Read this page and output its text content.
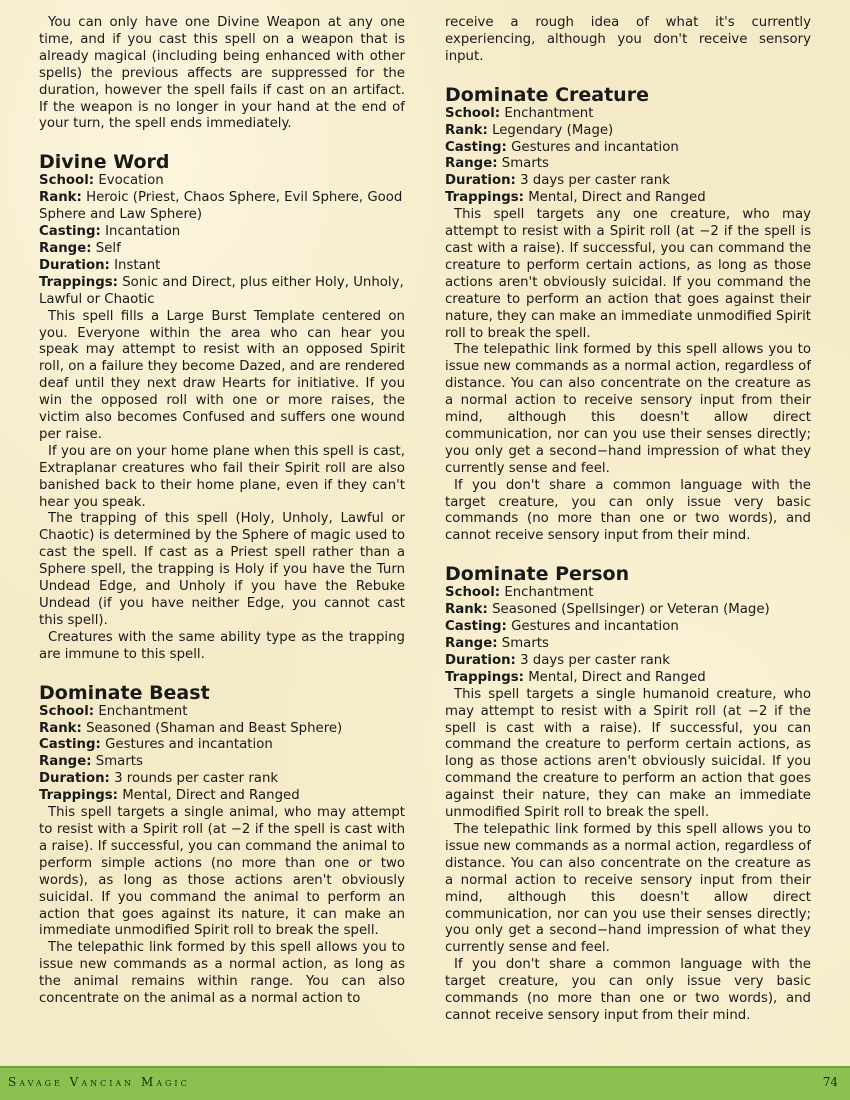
You can only have one Divine Weapon at any one time, and if you cast this spell on a weapon that is already magical (including being enhanced with other spells) the previous affects are suppressed for the duration, however the spell fails if cast on an artifact. If the weapon is no longer in your hand at the end of your turn, the spell ends immediately.

Divine Word
School: Evocation
Rank: Heroic (Priest, Chaos Sphere, Evil Sphere, Good Sphere and Law Sphere)
Casting: Incantation
Range: Self
Duration: Instant
Trappings: Sonic and Direct, plus either Holy, Unholy, Lawful or Chaotic

This spell fills a Large Burst Template centered on you. Everyone within the area who can hear you speak may attempt to resist with an opposed Spirit roll, on a failure they become Dazed, and are rendered deaf until they next draw Hearts for initiative. If you win the opposed roll with one or more raises, the victim also becomes Confused and suffers one wound per raise.

If you are on your home plane when this spell is cast, Extraplanar creatures who fail their Spirit roll are also banished back to their home plane, even if they can't hear you speak.

The trapping of this spell (Holy, Unholy, Lawful or Chaotic) is determined by the Sphere of magic used to cast the spell. If cast as a Priest spell rather than a Sphere spell, the trapping is Holy if you have the Turn Undead Edge, and Unholy if you have the Rebuke Undead (if you have neither Edge, you cannot cast this spell).

Creatures with the same ability type as the trapping are immune to this spell.

Dominate Beast
School: Enchantment
Rank: Seasoned (Shaman and Beast Sphere)
Casting: Gestures and incantation
Range: Smarts
Duration: 3 rounds per caster rank
Trappings: Mental, Direct and Ranged

This spell targets a single animal, who may attempt to resist with a Spirit roll (at −2 if the spell is cast with a raise). If successful, you can command the animal to perform simple actions (no more than one or two words), as long as those actions aren't obviously suicidal. If you command the animal to perform an action that goes against its nature, it can make an immediate unmodified Spirit roll to break the spell.

The telepathic link formed by this spell allows you to issue new commands as a normal action, as long as the animal remains within range. You can also concentrate on the animal as a normal action to

receive a rough idea of what it's currently experiencing, although you don't receive sensory input.

Dominate Creature
School: Enchantment
Rank: Legendary (Mage)
Casting: Gestures and incantation
Range: Smarts
Duration: 3 days per caster rank
Trappings: Mental, Direct and Ranged

This spell targets any one creature, who may attempt to resist with a Spirit roll (at −2 if the spell is cast with a raise). If successful, you can command the creature to perform certain actions, as long as those actions aren't obviously suicidal. If you command the creature to perform an action that goes against their nature, they can make an immediate unmodified Spirit roll to break the spell.

The telepathic link formed by this spell allows you to issue new commands as a normal action, regardless of distance. You can also concentrate on the creature as a normal action to receive sensory input from their mind, although this doesn't allow direct communication, nor can you use their senses directly; you only get a second−hand impression of what they currently sense and feel.

If you don't share a common language with the target creature, you can only issue very basic commands (no more than one or two words), and cannot receive sensory input from their mind.

Dominate Person
School: Enchantment
Rank: Seasoned (Spellsinger) or Veteran (Mage)
Casting: Gestures and incantation
Range: Smarts
Duration: 3 days per caster rank
Trappings: Mental, Direct and Ranged

This spell targets a single humanoid creature, who may attempt to resist with a Spirit roll (at −2 if the spell is cast with a raise). If successful, you can command the creature to perform certain actions, as long as those actions aren't obviously suicidal. If you command the creature to perform an action that goes against their nature, they can make an immediate unmodified Spirit roll to break the spell.

The telepathic link formed by this spell allows you to issue new commands as a normal action, regardless of distance. You can also concentrate on the creature as a normal action to receive sensory input from their mind, although this doesn't allow direct communication, nor can you use their senses directly; you only get a second−hand impression of what they currently sense and feel.

If you don't share a common language with the target creature, you can only issue very basic commands (no more than one or two words), and cannot receive sensory input from their mind.

Savage Vancian Magic	74
